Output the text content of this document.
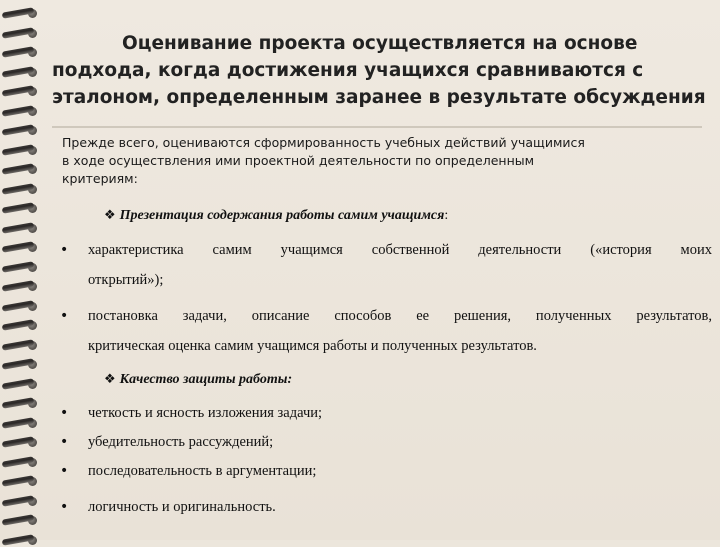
Оценивание проекта осуществляется на основе
подхода, когда достижения учащихся сравниваются с
эталоном, определенным заранее в результате обсуждения
Прежде всего, оцениваются сформированность учебных действий учащимися
в ходе осуществления ими проектной деятельности по определенным
критериям:
❖ Презентация содержания работы самим учащимся:
•	характеристика самим учащимся собственной деятельности («история моих
открытий»);
•	постановка задачи, описание способов ее решения, полученных результатов,
критическая оценка самим учащимся работы и полученных результатов.
❖ Качество защиты работы:
•	четкость и ясность изложения задачи;
•	убедительность рассуждений;
•	последовательность в аргументации;
•	логичность и оригинальность.
